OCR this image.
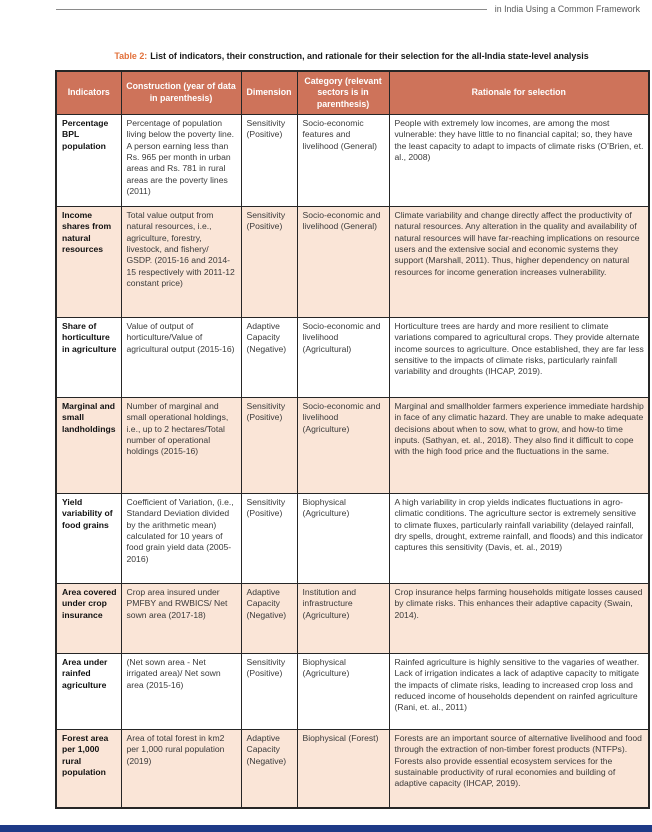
in India Using a Common Framework
Table 2: List of indicators, their construction, and rationale for their selection for the all-India state-level analysis
Indicators	Construction (year of data in parenthesis)	Dimension	Category (relevant sectors is in parenthesis)	Rationale for selection
Percentage BPL population	Percentage of population living below the poverty line. A person earning less than Rs. 965 per month in urban areas and Rs. 781 in rural areas are the poverty lines (2011)	Sensitivity (Positive)	Socio-economic features and livelihood (General)	People with extremely low incomes, are among the most vulnerable: they have little to no financial capital; so, they have the least capacity to adapt to impacts of climate risks (O’Brien, et. al., 2008)
Income shares from natural resources	Total value output from natural resources, i.e., agriculture, forestry, livestock, and fishery/ GSDP. (2015-16 and 2014-15 respectively with 2011-12 constant price)	Sensitivity (Positive)	Socio-economic and livelihood (General)	Climate variability and change directly affect the productivity of natural resources. Any alteration in the quality and availability of natural resources will have far-reaching implications on resource users and the extensive social and economic systems they support (Marshall, 2011). Thus, higher dependency on natural resources for income generation increases vulnerability.
Share of horticulture in agriculture	Value of output of horticulture/Value of agricultural output (2015-16)	Adaptive Capacity (Negative)	Socio-economic and livelihood (Agricultural)	Horticulture trees are hardy and more resilient to climate variations compared to agricultural crops. They provide alternate income sources to agriculture. Once established, they are far less sensitive to the impacts of climate risks, particularly rainfall variability and droughts (IHCAP, 2019).
Marginal and small landholdings	Number of marginal and small operational holdings, i.e., up to 2 hectares/Total number of operational holdings (2015-16)	Sensitivity (Positive)	Socio-economic and livelihood (Agriculture)	Marginal and smallholder farmers experience immediate hardship in face of any climatic hazard. They are unable to make adequate decisions about when to sow, what to grow, and how-to time inputs. (Sathyan, et. al., 2018). They also find it difficult to cope with the high food price and the fluctuations in the same.
Yield variability of food grains	Coefficient of Variation, (i.e., Standard Deviation divided by the arithmetic mean) calculated for 10 years of food grain yield data (2005-2016)	Sensitivity (Positive)	Biophysical (Agriculture)	A high variability in crop yields indicates fluctuations in agro-climatic conditions. The agriculture sector is extremely sensitive to climate fluxes, particularly rainfall variability (delayed rainfall, dry spells, drought, extreme rainfall, and floods) and this indicator captures this sensitivity (Davis, et. al., 2019)
Area covered under crop insurance	Crop area insured under PMFBY and RWBICS/ Net sown area (2017-18)	Adaptive Capacity (Negative)	Institution and infrastructure (Agriculture)	Crop insurance helps farming households mitigate losses caused by climate risks. This enhances their adaptive capacity (Swain, 2014).
Area under rainfed agriculture	(Net sown area - Net irrigated area)/ Net sown area (2015-16)	Sensitivity (Positive)	Biophysical (Agriculture)	Rainfed agriculture is highly sensitive to the vagaries of weather. Lack of irrigation indicates a lack of adaptive capacity to mitigate the impacts of climate risks, leading to increased crop loss and reduced income of households dependent on rainfed agriculture (Rani, et. al., 2011)
Forest area per 1,000 rural population	Area of total forest in km2 per 1,000 rural population (2019)	Adaptive Capacity (Negative)	Biophysical (Forest)	Forests are an important source of alternative livelihood and food through the extraction of non-timber forest products (NTFPs). Forests also provide essential ecosystem services for the sustainable productivity of rural economies and building of adaptive capacity (IHCAP, 2019).
